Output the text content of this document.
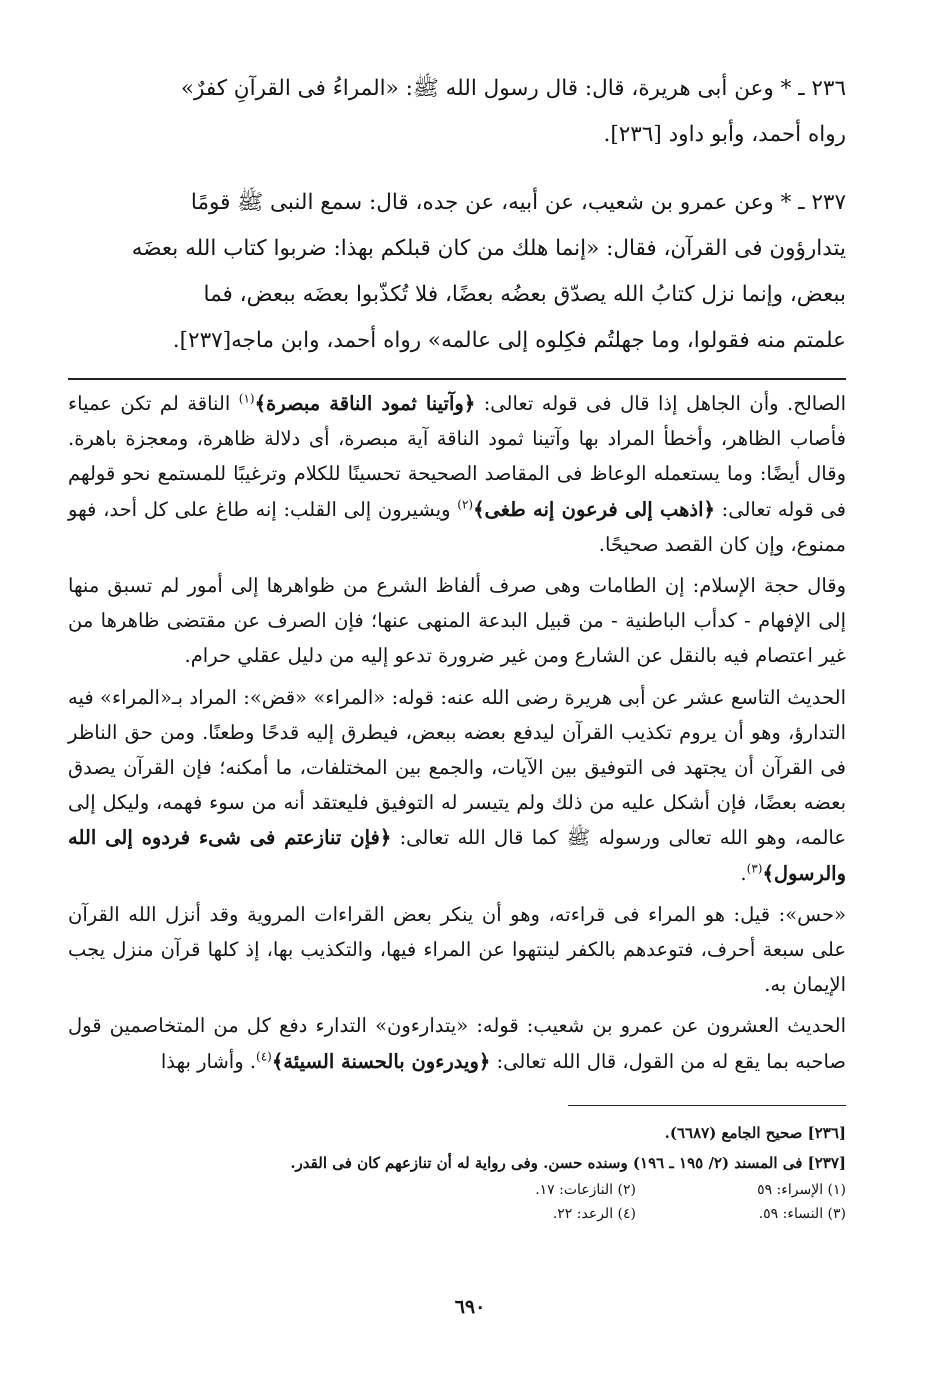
٢٣٦ ـ * وعن أبى هريرة، قال: قال رسول الله ﷺ: «المراءُ فى القرآنِ كفرٌ»
رواه أحمد، وأبو داود [٢٣٦].

٢٣٧ ـ * وعن عمرو بن شعيب، عن أبيه، عن جده، قال: سمع النبى ﷺ قومًا
يتدارؤون فى القرآن، فقال: «إنما هلك من كان قبلكم بهذا: ضربوا كتاب الله بعضَه
ببعض، وإنما نزل كتابُ الله يصدّق بعضُه بعضًا، فلا تُكذّبوا بعضَه ببعض، فما
علمتم منه فقولوا، وما جهلتُم فكِلوه إلى عالمه» رواه أحمد، وابن ماجه[٢٣٧].

الصالح. وأن الجاهل إذا قال فى قوله تعالى: ﴿وآتينا ثمود الناقة مبصرة﴾$^{(١)}$ الناقة لم تكن عمياء فأصاب الظاهر، وأخطأ المراد بها وآتينا ثمود الناقة آية مبصرة، أى دلالة ظاهرة، ومعجزة باهرة. وقال أيضًا: وما يستعمله الوعاظ فى المقاصد الصحيحة تحسينًا للكلام وترغيبًا للمستمع نحو قولهم فى قوله تعالى: ﴿اذهب إلى فرعون إنه طغى﴾$^{(٢)}$ ويشيرون إلى القلب: إنه طاغ على كل أحد، فهو ممنوع، وإن كان القصد صحيحًا.

وقال حجة الإسلام: إن الطامات وهى صرف ألفاظ الشرع من ظواهرها إلى أمور لم تسبق منها إلى الإفهام - كدأب الباطنية - من قبيل البدعة المنهى عنها؛ فإن الصرف عن مقتضى ظاهرها من غير اعتصام فيه بالنقل عن الشارع ومن غير ضرورة تدعو إليه من دليل عقلي حرام.

الحديث التاسع عشر عن أبى هريرة رضى الله عنه: قوله: «المراء» «قض»: المراد بـ«المراء» فيه التدارؤ، وهو أن يروم تكذيب القرآن ليدفع بعضه ببعض، فيطرق إليه قدحًا وطعنًا. ومن حق الناظر فى القرآن أن يجتهد فى التوفيق بين الآيات، والجمع بين المختلفات، ما أمكنه؛ فإن القرآن يصدق بعضه بعضًا، فإن أشكل عليه من ذلك ولم يتيسر له التوفيق فليعتقد أنه من سوء فهمه، وليكل إلى عالمه، وهو الله تعالى ورسوله ﷺ كما قال الله تعالى: ﴿فإن تنازعتم فى شىء فردوه إلى الله والرسول﴾$^{(٣)}$.

«حس»: قيل: هو المراء فى قراءته، وهو أن ينكر بعض القراءات المروية وقد أنزل الله القرآن على سبعة أحرف، فتوعدهم بالكفر لينتهوا عن المراء فيها، والتكذيب بها، إذ كلها قرآن منزل يجب الإيمان به.

الحديث العشرون عن عمرو بن شعيب: قوله: «يتدارءون» التدارء دفع كل من المتخاصمين قول صاحبه بما يقع له من القول، قال الله تعالى: ﴿ويدرءون بالحسنة السيئة﴾$^{(٤)}$. وأشار بهذا

[٢٣٦] صحيح الجامع (٦٦٨٧).

[٢٣٧] فى المسند (٢/ ١٩٥ ـ ١٩٦) وسنده حسن. وفى رواية له أن تنازعهم كان فى القدر.

(١) الإسراء: ٥٩
(٢) النازعات: ١٧.
(٣) النساء: ٥٩.
(٤) الرعد: ٢٢.
٦٩٠
